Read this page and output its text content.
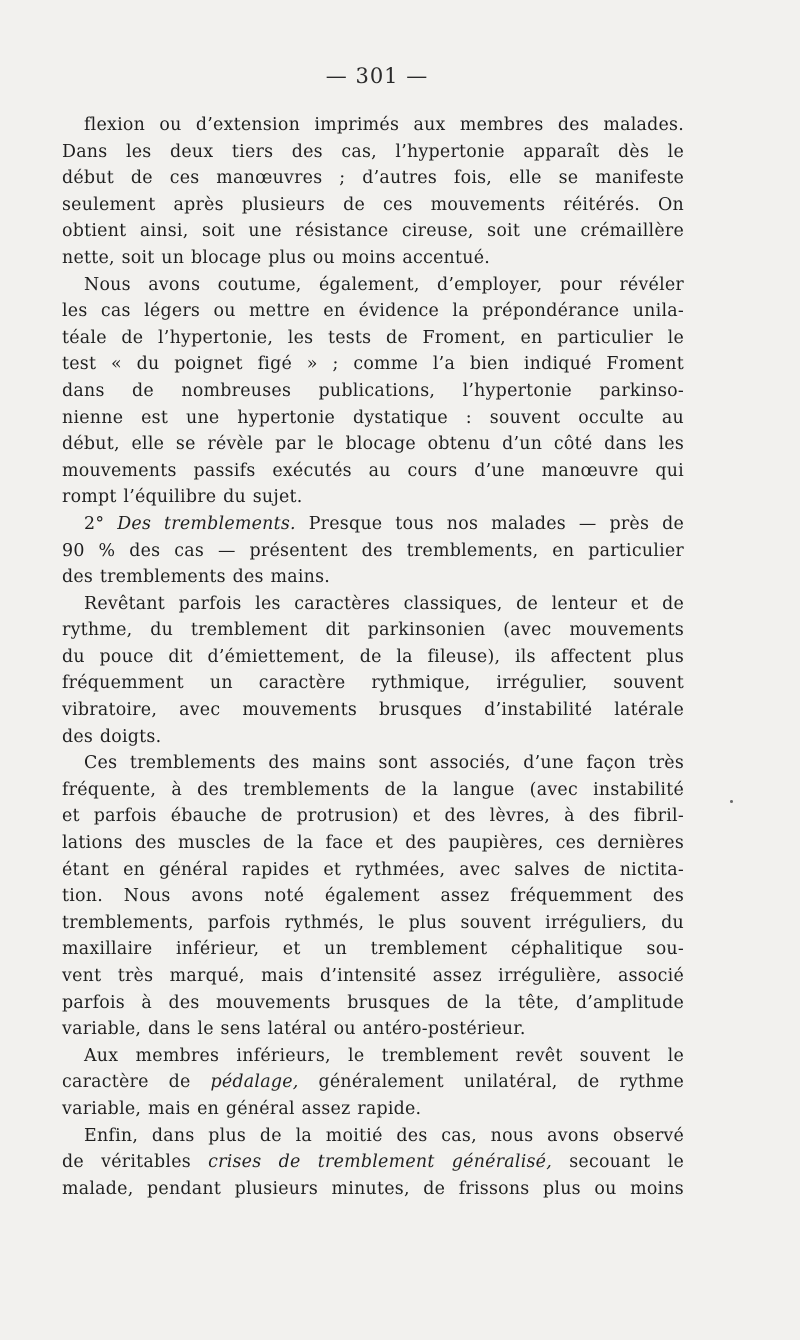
— 301 —
flexion ou d’extension imprimés aux membres des malades.
Dans les deux tiers des cas, l’hypertonie apparaît dès le
début de ces manœuvres ; d’autres fois, elle se manifeste
seulement après plusieurs de ces mouvements réitérés. On
obtient ainsi, soit une résistance cireuse, soit une crémaillère
nette, soit un blocage plus ou moins accentué.
Nous avons coutume, également, d’employer, pour révéler
les cas légers ou mettre en évidence la prépondérance unila-
téale de l’hypertonie, les tests de Froment, en particulier le
test « du poignet figé » ; comme l’a bien indiqué Froment
dans de nombreuses publications, l’hypertonie parkinso-
nienne est une hypertonie dystatique : souvent occulte au
début, elle se révèle par le blocage obtenu d’un côté dans les
mouvements passifs exécutés au cours d’une manœuvre qui
rompt l’équilibre du sujet.
2° Des tremblements. Presque tous nos malades — près de
90 % des cas — présentent des tremblements, en particulier
des tremblements des mains.
Revêtant parfois les caractères classiques, de lenteur et de
rythme, du tremblement dit parkinsonien (avec mouvements
du pouce dit d’émiettement, de la fileuse), ils affectent plus
fréquemment un caractère rythmique, irrégulier, souvent
vibratoire, avec mouvements brusques d’instabilité latérale
des doigts.
Ces tremblements des mains sont associés, d’une façon très
fréquente, à des tremblements de la langue (avec instabilité
et parfois ébauche de protrusion) et des lèvres, à des fibril-
lations des muscles de la face et des paupières, ces dernières
étant en général rapides et rythmées, avec salves de nictita-
tion. Nous avons noté également assez fréquemment des
tremblements, parfois rythmés, le plus souvent irréguliers, du
maxillaire inférieur, et un tremblement céphalitique sou-
vent très marqué, mais d’intensité assez irrégulière, associé
parfois à des mouvements brusques de la tête, d’amplitude
variable, dans le sens latéral ou antéro-postérieur.
Aux membres inférieurs, le tremblement revêt souvent le
caractère de pédalage, généralement unilatéral, de rythme
variable, mais en général assez rapide.
Enfin, dans plus de la moitié des cas, nous avons observé
de véritables crises de tremblement généralisé, secouant le
malade, pendant plusieurs minutes, de frissons plus ou moins
